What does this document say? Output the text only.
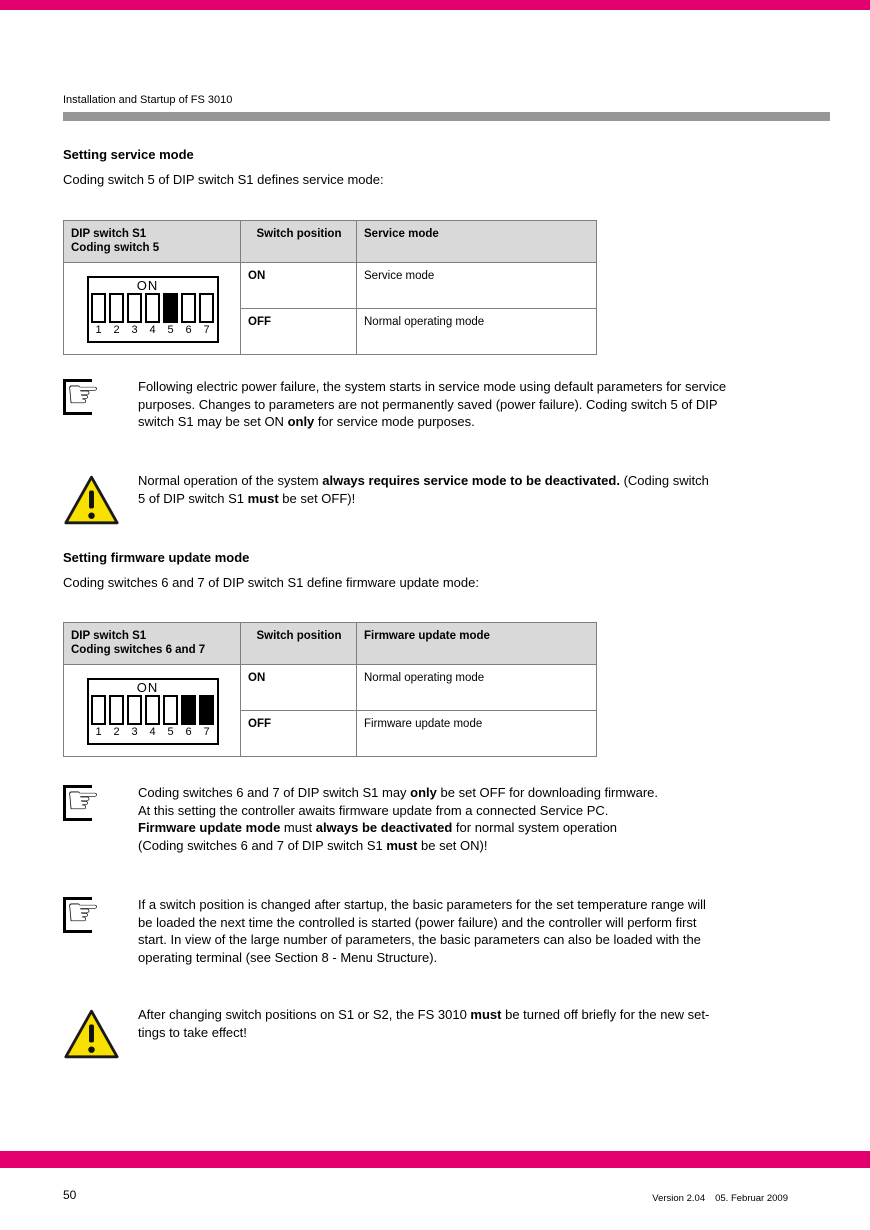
Installation and Startup of FS 3010
Setting service mode
Coding switch 5 of DIP switch S1 defines service mode:
DIP switch S1
Coding switch 5	Switch position	Service mode

ON
1	2	3	4	5	6	7
	ON	Service mode
	OFF	Normal operating mode
☞	Following electric power failure, the system starts in service mode using default parameters for service
purposes. Changes to parameters are not permanently saved (power failure). Coding switch 5 of DIP
switch S1 may be set ON only for service mode purposes.
Normal operation of the system always requires service mode to be deactivated. (Coding switch
5 of DIP switch S1 must be set OFF)!
Setting firmware update mode
Coding switches 6 and 7 of DIP switch S1 define firmware update mode:
DIP switch S1
Coding switches 6 and 7	Switch position	Firmware update mode

ON
1	2	3	4	5	6	7
	ON	Normal operating mode
	OFF	Firmware update mode
☞	Coding switches 6 and 7 of DIP switch S1 may only be set OFF for downloading firmware.
At this setting the controller awaits firmware update from a connected Service PC.
Firmware update mode must always be deactivated for normal system operation
(Coding switches 6 and 7 of DIP switch S1 must be set ON)!
☞	If a switch position is changed after startup, the basic parameters for the set temperature range will
be loaded the next time the controlled is started (power failure) and the controller will perform first
start. In view of the large number of parameters, the basic parameters can also be loaded with the
operating terminal (see Section 8 - Menu Structure).
After changing switch positions on S1 or S2, the FS 3010 must be turned off briefly for the new set-
tings to take effect!
50	Version 2.04 05. Februar 2009
